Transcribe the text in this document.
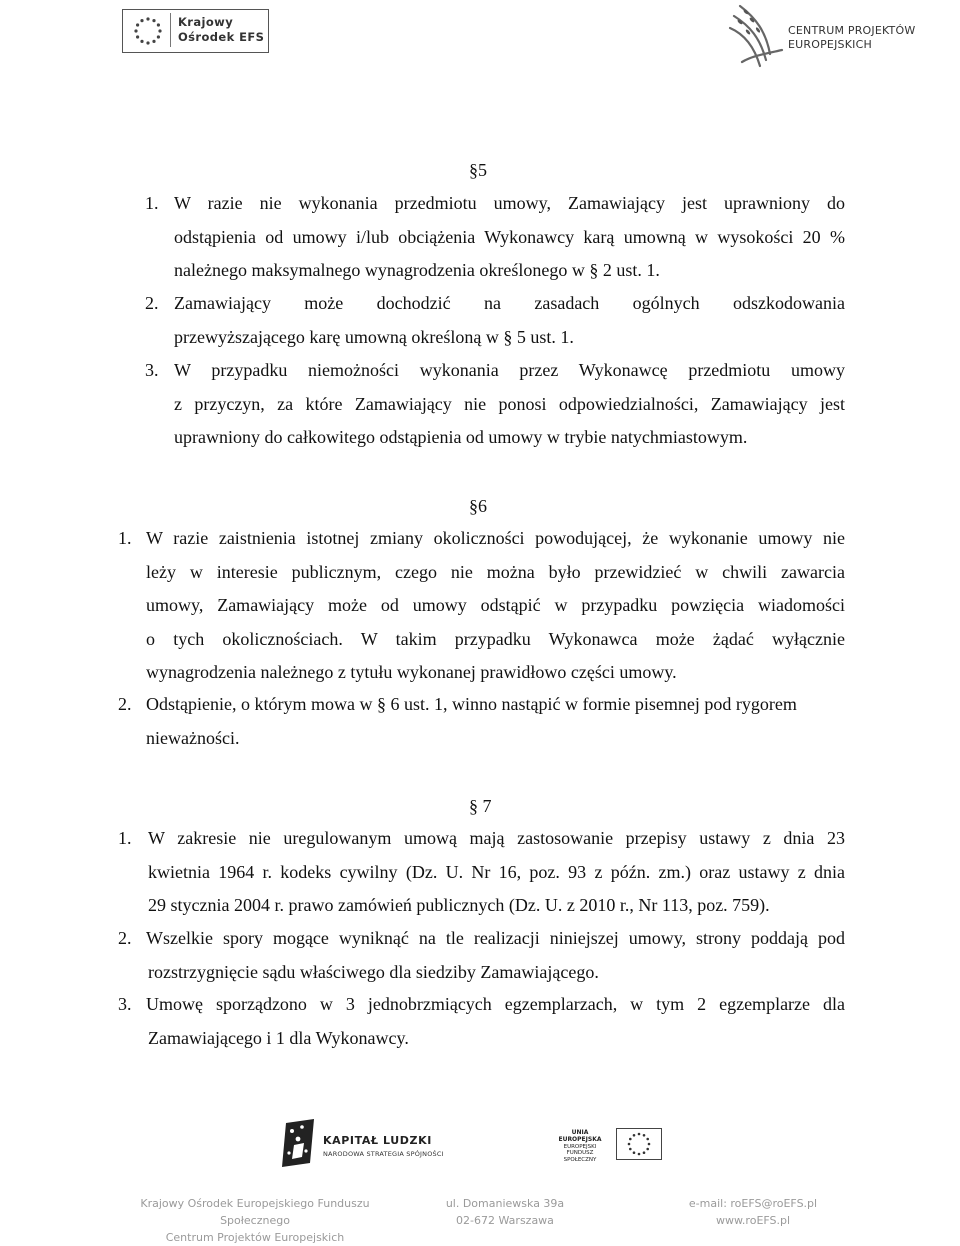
Krajowy
Ośrodek EFS	CENTRUM PROJEKTÓW
EUROPEJSKICH
§5
1. W razie nie wykonania przedmiotu umowy, Zamawiający jest uprawniony do
odstąpienia od umowy i/lub obciążenia Wykonawcy karą umowną w wysokości 20 %
należnego maksymalnego wynagrodzenia określonego w § 2 ust. 1.
2. Zamawiający może dochodzić na zasadach ogólnych odszkodowania
przewyższającego karę umowną określoną w § 5 ust. 1.
3. W przypadku niemożności wykonania przez Wykonawcę przedmiotu umowy
z przyczyn, za które Zamawiający nie ponosi odpowiedzialności, Zamawiający jest
uprawniony do całkowitego odstąpienia od umowy w trybie natychmiastowym.
§6
1. W razie zaistnienia istotnej zmiany okoliczności powodującej, że wykonanie umowy nie
leży w interesie publicznym, czego nie można było przewidzieć w chwili zawarcia
umowy, Zamawiający może od umowy odstąpić w przypadku powzięcia wiadomości
o tych okolicznościach. W takim przypadku Wykonawca może żądać wyłącznie
wynagrodzenia należnego z tytułu wykonanej prawidłowo części umowy.
2. Odstąpienie, o którym mowa w § 6 ust. 1, winno nastąpić w formie pisemnej pod rygorem
nieważności.
§ 7
1. W zakresie nie uregulowanym umową mają zastosowanie przepisy ustawy z dnia 23
kwietnia 1964 r. kodeks cywilny (Dz. U. Nr 16, poz. 93 z późn. zm.) oraz ustawy z dnia
29 stycznia 2004 r. prawo zamówień publicznych (Dz. U. z 2010 r., Nr 113, poz. 759).
2. Wszelkie spory mogące wyniknąć na tle realizacji niniejszej umowy, strony poddają pod
rozstrzygnięcie sądu właściwego dla siedziby Zamawiającego.
3. Umowę sporządzono w 3 jednobrzmiących egzemplarzach, w tym 2 egzemplarze dla
Zamawiającego i 1 dla Wykonawcy.
KAPITAŁ LUDZKI
NARODOWA STRATEGIA SPÓJNOŚCI
UNIA EUROPEJSKA
EUROPEJSKI
FUNDUSZ SPOŁECZNY
Krajowy Ośrodek Europejskiego Funduszu Społecznego
Centrum Projektów Europejskich
ul. Domaniewska 39a
02-672 Warszawa
e-mail: roEFS@roEFS.pl
www.roEFS.pl
